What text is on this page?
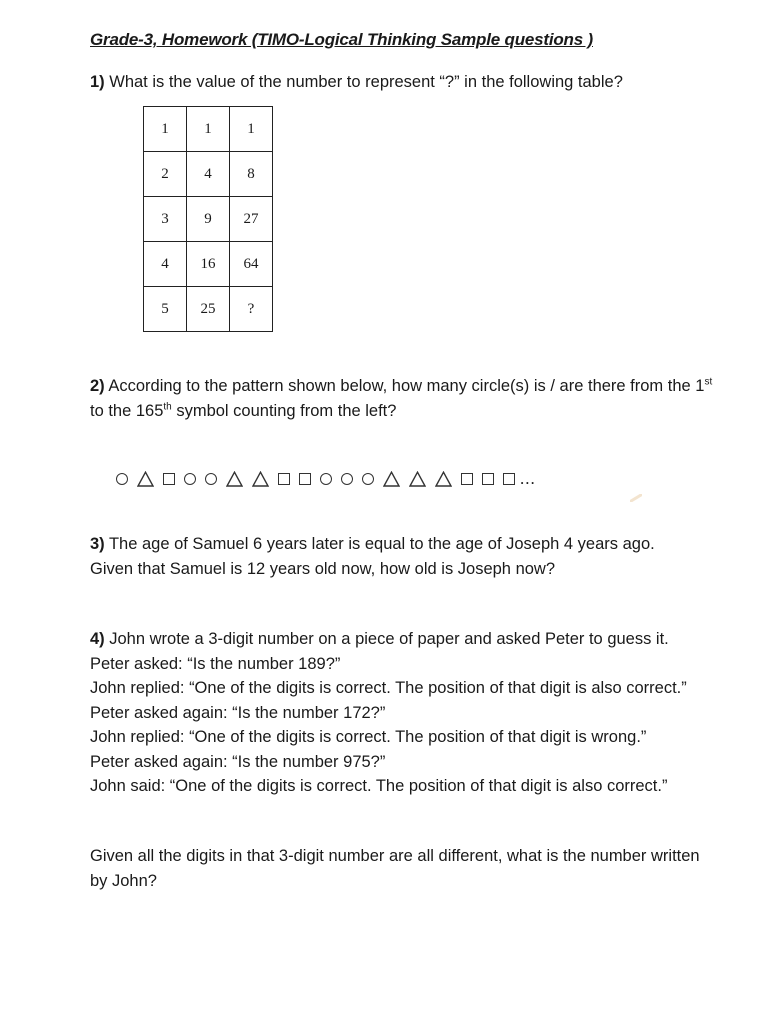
Grade-3, Homework (TIMO-Logical Thinking Sample questions )
1) What is the value of the number to represent “?” in the following table?
1	1	1
2	4	8
3	9	27
4	16	64
5	25	?
2) According to the pattern shown below, how many circle(s) is / are there from the 1st to the 165th symbol counting from the left?
...
3) The age of Samuel 6 years later is equal to the age of Joseph 4 years ago.
Given that Samuel is 12 years old now, how old is Joseph now?
4) John wrote a 3-digit number on a piece of paper and asked Peter to guess it.
Peter asked: “Is the number 189?”
John replied: “One of the digits is correct. The position of that digit is also correct.”
Peter asked again: “Is the number 172?”
John replied: “One of the digits is correct. The position of that digit is wrong.”
Peter asked again: “Is the number 975?”
John said: “One of the digits is correct. The position of that digit is also correct.”
Given all the digits in that 3-digit number are all different, what is the number written by John?
